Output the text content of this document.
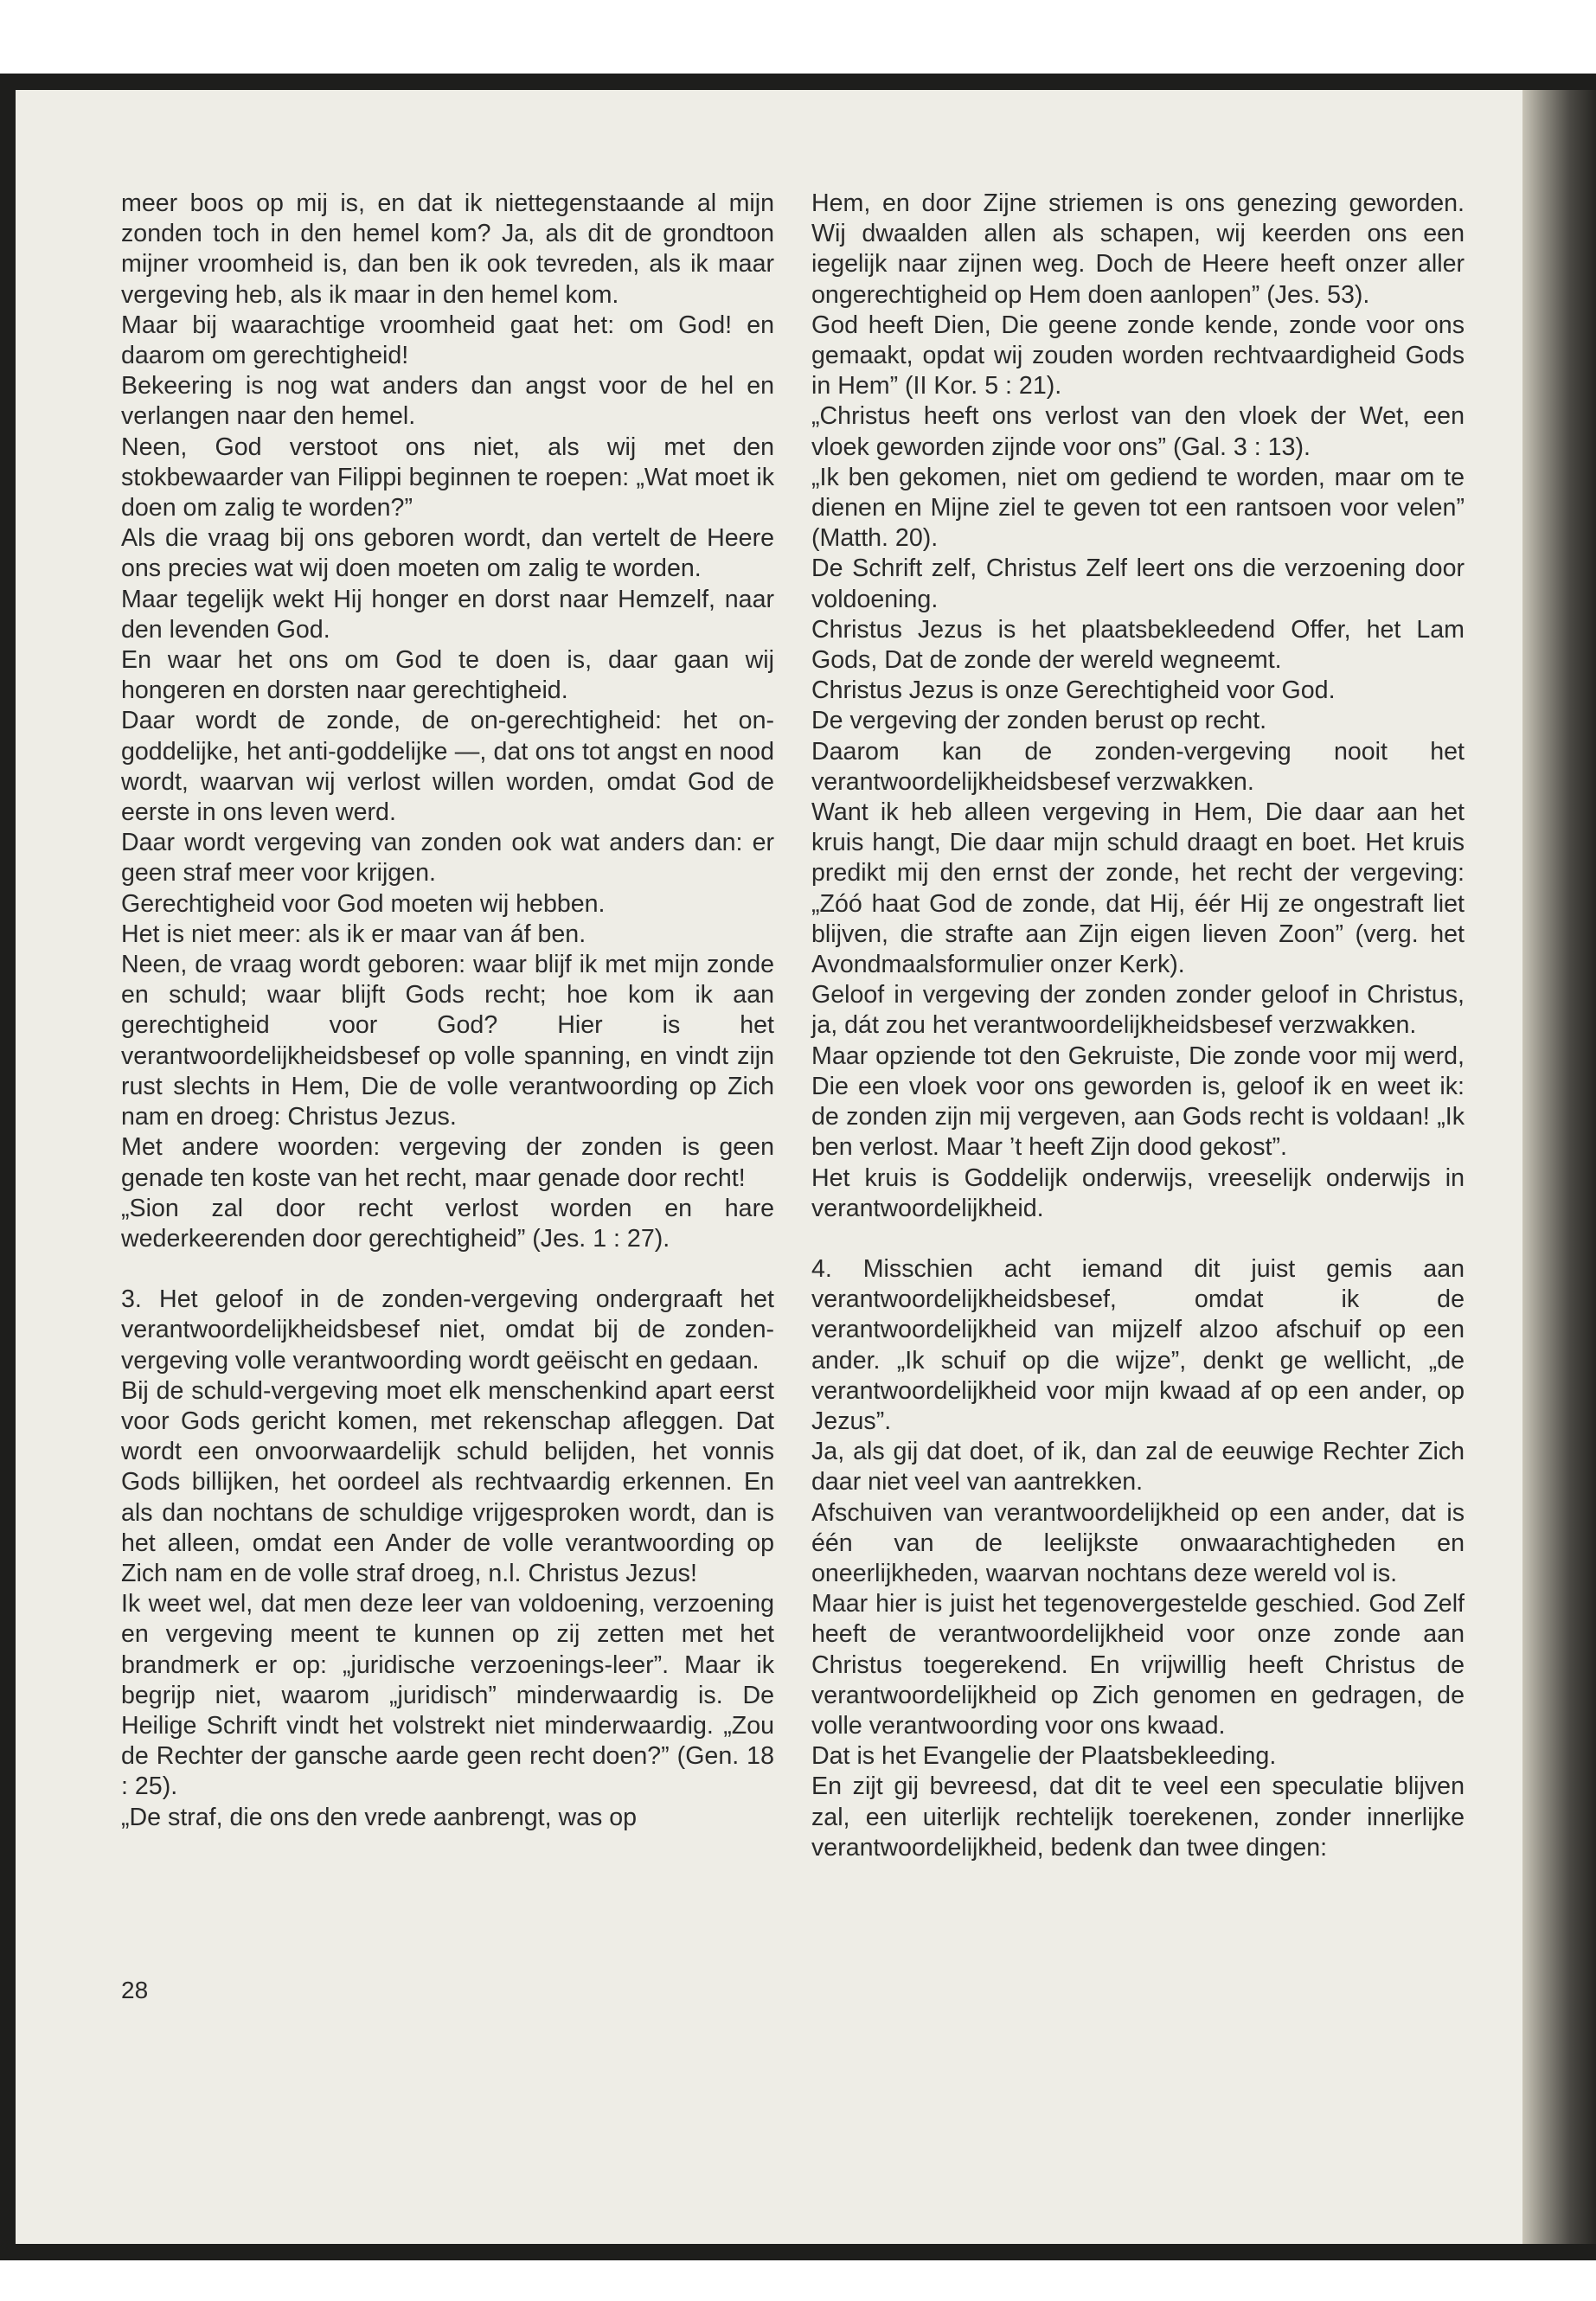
meer boos op mij is, en dat ik niettegenstaande al mijn zonden toch in den hemel kom? Ja, als dit de grondtoon mijner vroomheid is, dan ben ik ook tevreden, als ik maar vergeving heb, als ik maar in den hemel kom.

Maar bij waarachtige vroomheid gaat het: om God! en daarom om gerechtigheid!

Bekeering is nog wat anders dan angst voor de hel en verlangen naar den hemel.

Neen, God verstoot ons niet, als wij met den stokbewaarder van Filippi beginnen te roepen: „Wat moet ik doen om zalig te worden?”

Als die vraag bij ons geboren wordt, dan vertelt de Heere ons precies wat wij doen moeten om zalig te worden.

Maar tegelijk wekt Hij honger en dorst naar Hemzelf, naar den levenden God.

En waar het ons om God te doen is, daar gaan wij hongeren en dorsten naar gerechtigheid.

Daar wordt de zonde, de on-gerechtigheid: het on-goddelijke, het anti-goddelijke —, dat ons tot angst en nood wordt, waarvan wij verlost willen worden, omdat God de eerste in ons leven werd.

Daar wordt vergeving van zonden ook wat anders dan: er geen straf meer voor krijgen.

Gerechtigheid voor God moeten wij hebben.

Het is niet meer: als ik er maar van áf ben.

Neen, de vraag wordt geboren: waar blijf ik met mijn zonde en schuld; waar blijft Gods recht; hoe kom ik aan gerechtigheid voor God? Hier is het verantwoordelijkheidsbesef op volle spanning, en vindt zijn rust slechts in Hem, Die de volle verantwoording op Zich nam en droeg: Christus Jezus.

Met andere woorden: vergeving der zonden is geen genade ten koste van het recht, maar genade door recht!

„Sion zal door recht verlost worden en hare wederkeerenden door gerechtigheid” (Jes. 1 : 27).

3. Het geloof in de zonden-vergeving ondergraaft het verantwoordelijkheidsbesef niet, omdat bij de zonden-vergeving volle verantwoording wordt geëischt en gedaan.

Bij de schuld-vergeving moet elk menschenkind apart eerst voor Gods gericht komen, met rekenschap afleggen. Dat wordt een onvoorwaardelijk schuld belijden, het vonnis Gods billijken, het oordeel als rechtvaardig erkennen. En als dan nochtans de schuldige vrijgesproken wordt, dan is het alleen, omdat een Ander de volle verantwoording op Zich nam en de volle straf droeg, n.l. Christus Jezus!

Ik weet wel, dat men deze leer van voldoening, verzoening en vergeving meent te kunnen op zij zetten met het brandmerk er op: „juridische verzoenings-leer”. Maar ik begrijp niet, waarom „juridisch” minderwaardig is. De Heilige Schrift vindt het volstrekt niet minderwaardig. „Zou de Rechter der gansche aarde geen recht doen?” (Gen. 18 : 25).

„De straf, die ons den vrede aanbrengt, was op

Hem, en door Zijne striemen is ons genezing geworden. Wij dwaalden allen als schapen, wij keerden ons een iegelijk naar zijnen weg. Doch de Heere heeft onzer aller ongerechtigheid op Hem doen aanlopen” (Jes. 53).

God heeft Dien, Die geene zonde kende, zonde voor ons gemaakt, opdat wij zouden worden rechtvaardigheid Gods in Hem” (II Kor. 5 : 21).

„Christus heeft ons verlost van den vloek der Wet, een vloek geworden zijnde voor ons” (Gal. 3 : 13).

„Ik ben gekomen, niet om gediend te worden, maar om te dienen en Mijne ziel te geven tot een rantsoen voor velen” (Matth. 20).

De Schrift zelf, Christus Zelf leert ons die verzoening door voldoening.

Christus Jezus is het plaatsbekleedend Offer, het Lam Gods, Dat de zonde der wereld wegneemt.

Christus Jezus is onze Gerechtigheid voor God.

De vergeving der zonden berust op recht.

Daarom kan de zonden-vergeving nooit het verantwoordelijkheidsbesef verzwakken.

Want ik heb alleen vergeving in Hem, Die daar aan het kruis hangt, Die daar mijn schuld draagt en boet. Het kruis predikt mij den ernst der zonde, het recht der vergeving: „Zóó haat God de zonde, dat Hij, éér Hij ze ongestraft liet blijven, die strafte aan Zijn eigen lieven Zoon” (verg. het Avondmaalsformulier onzer Kerk).

Geloof in vergeving der zonden zonder geloof in Christus, ja, dát zou het verantwoordelijkheidsbesef verzwakken.

Maar opziende tot den Gekruiste, Die zonde voor mij werd, Die een vloek voor ons geworden is, geloof ik en weet ik: de zonden zijn mij vergeven, aan Gods recht is voldaan! „Ik ben verlost. Maar ’t heeft Zijn dood gekost”.

Het kruis is Goddelijk onderwijs, vreeselijk onderwijs in verantwoordelijkheid.

4. Misschien acht iemand dit juist gemis aan verantwoordelijkheidsbesef, omdat ik de verantwoordelijkheid van mijzelf alzoo afschuif op een ander. „Ik schuif op die wijze”, denkt ge wellicht, „de verantwoordelijkheid voor mijn kwaad af op een ander, op Jezus”.

Ja, als gij dat doet, of ik, dan zal de eeuwige Rechter Zich daar niet veel van aantrekken.

Afschuiven van verantwoordelijkheid op een ander, dat is één van de leelijkste onwaarachtigheden en oneerlijkheden, waarvan nochtans deze wereld vol is.

Maar hier is juist het tegenovergestelde geschied. God Zelf heeft de verantwoordelijkheid voor onze zonde aan Christus toegerekend. En vrijwillig heeft Christus de verantwoordelijkheid op Zich genomen en gedragen, de volle verantwoording voor ons kwaad.

Dat is het Evangelie der Plaatsbekleeding.

En zijt gij bevreesd, dat dit te veel een speculatie blijven zal, een uiterlijk rechtelijk toerekenen, zonder innerlijke verantwoordelijkheid, bedenk dan twee dingen:

28
